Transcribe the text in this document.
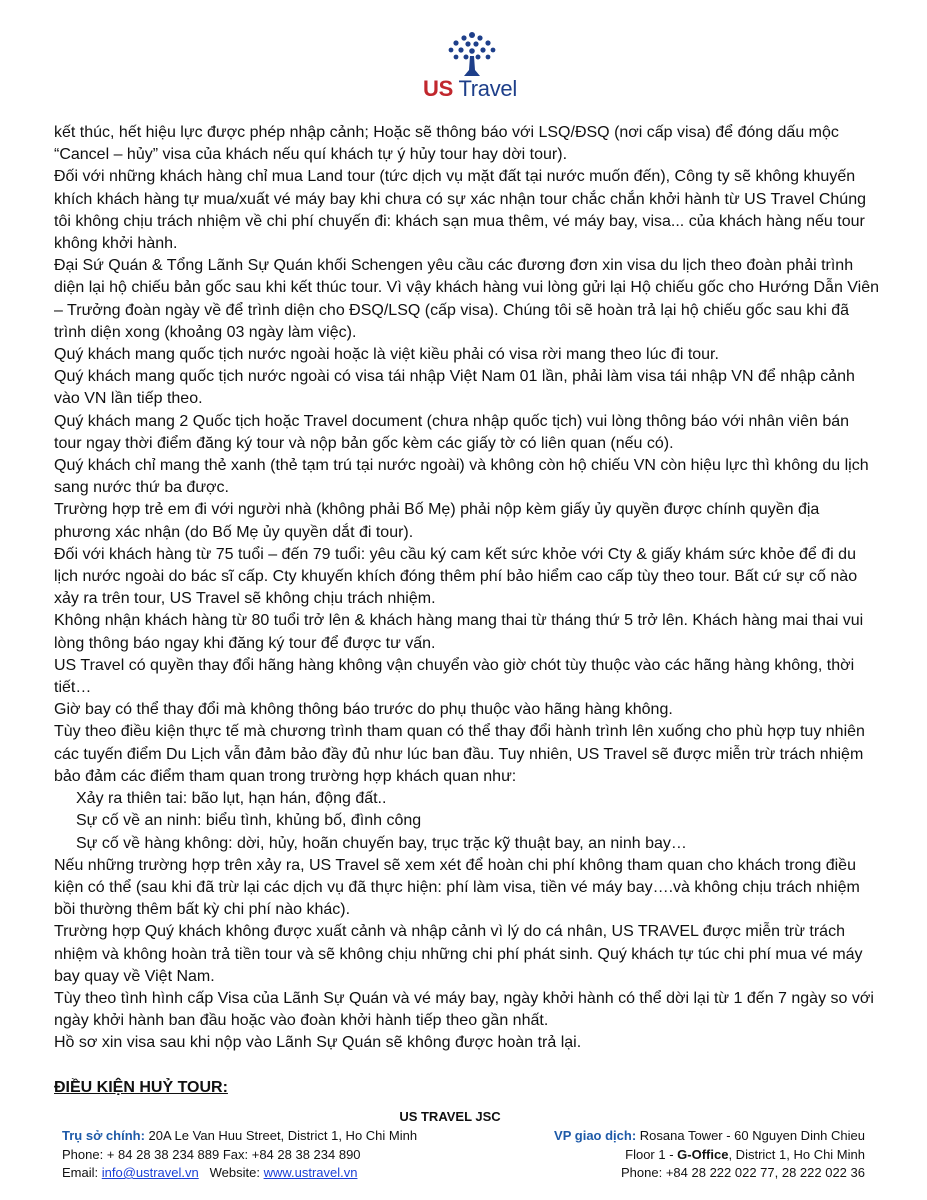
US Travel

kết thúc, hết hiệu lực được phép nhập cảnh; Hoặc sẽ thông báo với LSQ/ĐSQ (nơi cấp visa) để đóng dấu mộc “Cancel – hủy” visa của khách nếu quí khách tự ý hủy tour hay dời tour).

Đối với những khách hàng chỉ mua Land tour (tức dịch vụ mặt đất tại nước muốn đến), Công ty sẽ không khuyến khích khách hàng tự mua/xuất vé máy bay khi chưa có sự xác nhận tour chắc chắn khởi hành từ US Travel Chúng tôi không chịu trách nhiệm về chi phí chuyến đi: khách sạn mua thêm, vé máy bay, visa... của khách hàng nếu tour không khởi hành.

Đại Sứ Quán & Tổng Lãnh Sự Quán khối Schengen yêu cầu các đương đơn xin visa du lịch theo đoàn phải trình diện lại hộ chiếu bản gốc sau khi kết thúc tour. Vì vậy khách hàng vui lòng gửi lại Hộ chiếu gốc cho Hướng Dẫn Viên – Trưởng đoàn ngày về để trình diện cho ĐSQ/LSQ (cấp visa). Chúng tôi sẽ hoàn trả lại hộ chiếu gốc sau khi đã trình diện xong (khoảng 03 ngày làm việc).

Quý khách mang quốc tịch nước ngoài hoặc là việt kiều phải có visa rời mang theo lúc đi tour.

Quý khách mang quốc tịch nước ngoài có visa tái nhập Việt Nam 01 lần, phải làm visa tái nhập VN để nhập cảnh vào VN lần tiếp theo.

Quý khách mang 2 Quốc tịch hoặc Travel document (chưa nhập quốc tịch) vui lòng thông báo với nhân viên bán tour ngay thời điểm đăng ký tour và nộp bản gốc kèm các giấy tờ có liên quan (nếu có).

Quý khách chỉ mang thẻ xanh (thẻ tạm trú tại nước ngoài) và không còn hộ chiếu VN còn hiệu lực thì không du lịch sang nước thứ ba được.

Trường hợp trẻ em đi với người nhà (không phải Bố Mẹ) phải nộp kèm giấy ủy quyền được chính quyền địa phương xác nhận (do Bố Mẹ ủy quyền dắt đi tour).

Đối với khách hàng từ 75 tuổi – đến 79 tuổi: yêu cầu ký cam kết sức khỏe với Cty & giấy khám sức khỏe để đi du lịch nước ngoài do bác sĩ cấp. Cty khuyến khích đóng thêm phí bảo hiểm cao cấp tùy theo tour. Bất cứ sự cố nào xảy ra trên tour, US Travel sẽ không chịu trách nhiệm.

Không nhận khách hàng từ 80 tuổi trở lên & khách hàng mang thai từ tháng thứ 5 trở lên. Khách hàng mai thai vui lòng thông báo ngay khi đăng ký tour để được tư vấn.

US Travel có quyền thay đổi hãng hàng không vận chuyển vào giờ chót tùy thuộc vào các hãng hàng không, thời tiết…

Giờ bay có thể thay đổi mà không thông báo trước do phụ thuộc vào hãng hàng không.

Tùy theo điều kiện thực tế mà chương trình tham quan có thể thay đổi hành trình lên xuống cho phù hợp tuy nhiên các tuyến điểm Du Lịch vẫn đảm bảo đầy đủ như lúc ban đầu. Tuy nhiên, US Travel sẽ được miễn trừ trách nhiệm bảo đảm các điểm tham quan trong trường hợp khách quan như:

Xảy ra thiên tai: bão lụt, hạn hán, động đất..

Sự cố về an ninh: biểu tình, khủng bố, đình công

Sự cố về hàng không: dời, hủy, hoãn chuyến bay, trục trặc kỹ thuật bay, an ninh bay…

Nếu những trường hợp trên xảy ra, US Travel sẽ xem xét để hoàn chi phí không tham quan cho khách trong điều kiện có thể (sau khi đã trừ lại các dịch vụ đã thực hiện: phí làm visa, tiền vé máy bay….và không chịu trách nhiệm bồi thường thêm bất kỳ chi phí nào khác).

Trường hợp Quý khách không được xuất cảnh và nhập cảnh vì lý do cá nhân, US TRAVEL được miễn trừ trách nhiệm và không hoàn trả tiền tour và sẽ không chịu những chi phí phát sinh. Quý khách tự túc chi phí mua vé máy bay quay về Việt Nam.

Tùy theo tình hình cấp Visa của Lãnh Sự Quán và vé máy bay, ngày khởi hành có thể dời lại từ 1 đến 7 ngày so với ngày khởi hành ban đầu hoặc vào đoàn khởi hành tiếp theo gần nhất.

Hồ sơ xin visa sau khi nộp vào Lãnh Sự Quán sẽ không được hoàn trả lại.

ĐIỀU KIỆN HUỶ TOUR:
US TRAVEL JSC
Trụ sở chính: 20A Le Van Huu Street, District 1, Ho Chi Minh
Phone: + 84 28 38 234 889 Fax: +84 28 38 234 890
Email: info@ustravel.vn   Website: www.ustravel.vn
VP giao dịch: Rosana Tower - 60 Nguyen Dinh Chieu
Floor 1 - G-Office, District 1, Ho Chi Minh
Phone: +84 28 222 022 77, 28 222 022 36
